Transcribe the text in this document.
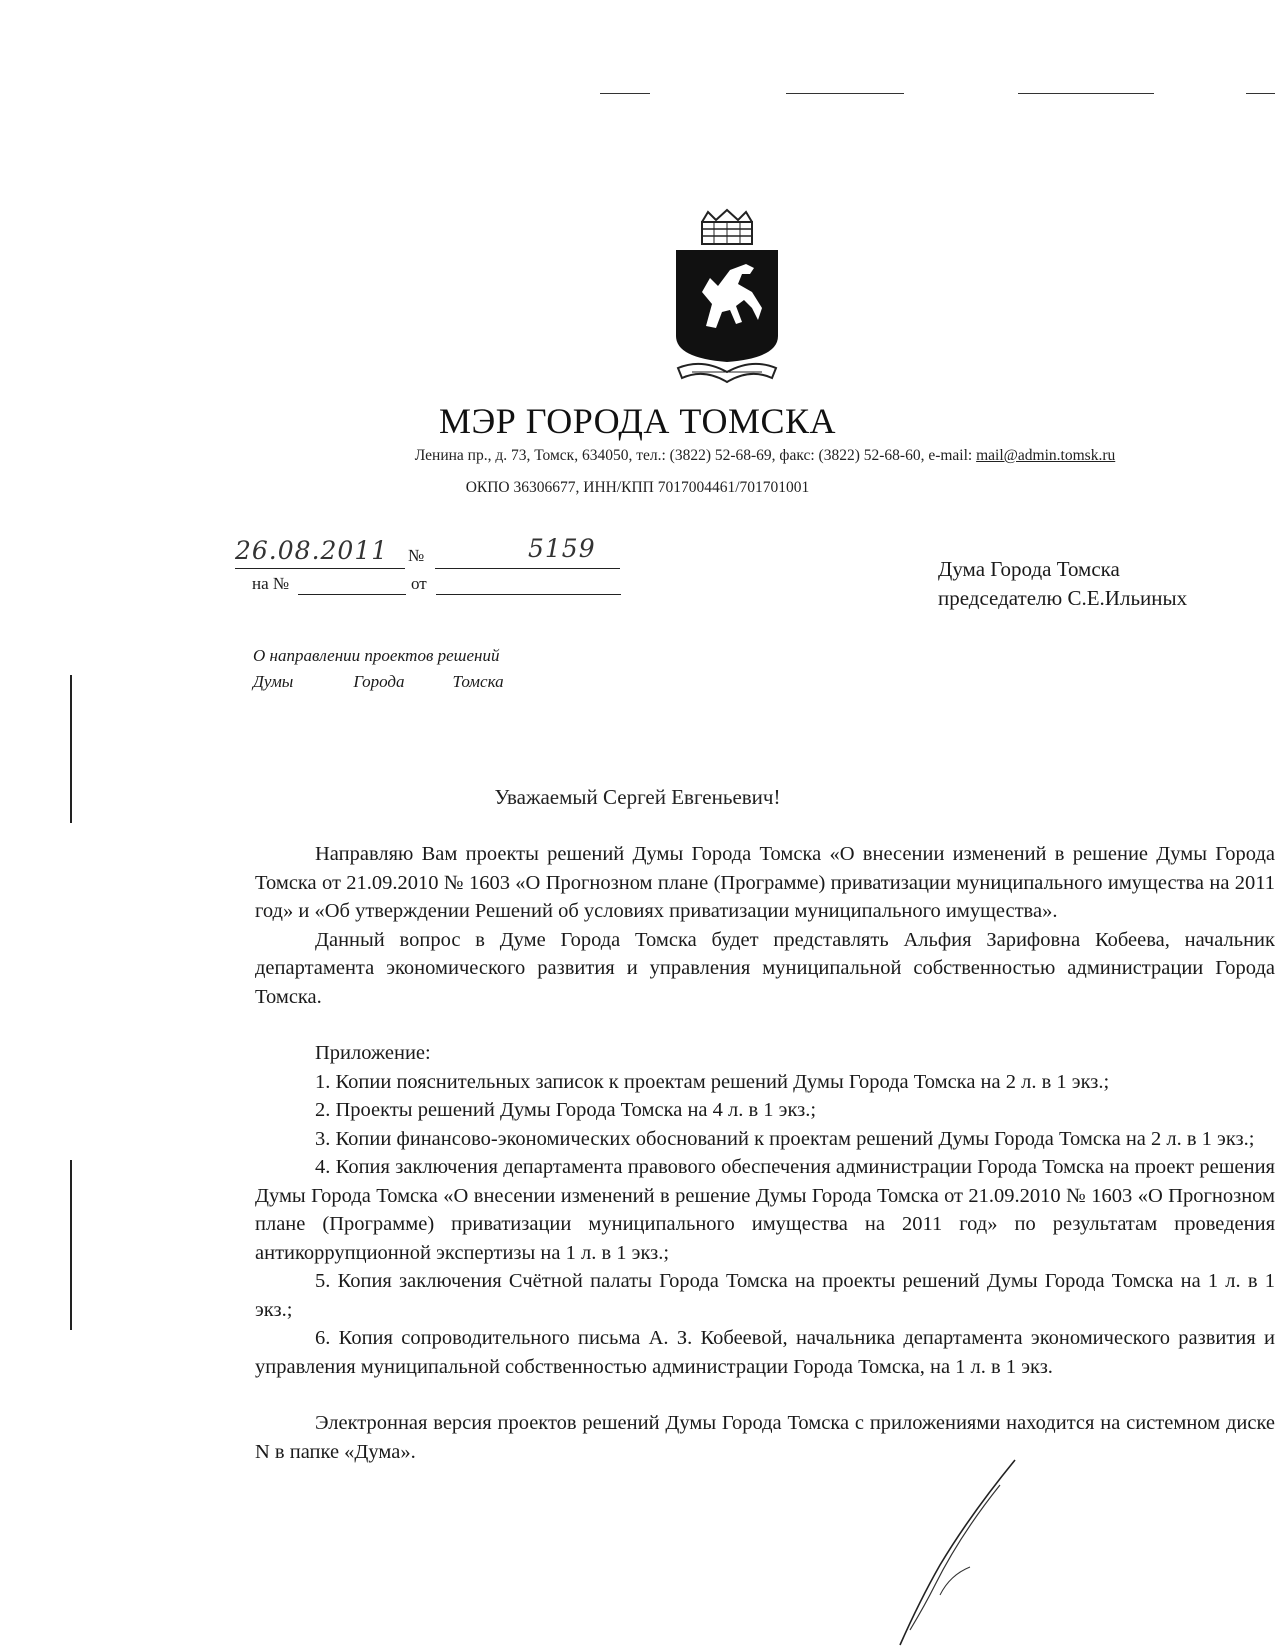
МЭР ГОРОДА ТОМСКА
Ленина пр., д. 73, Томск, 634050, тел.: (3822) 52-68-69, факс: (3822) 52-68-60, e-mail: mail@admin.tomsk.ru
ОКПО 36306677, ИНН/КПП 7017004461/701701001
26.08.2011 №	5159
на №	от
Дума Города Томска
председателю С.Е.Ильиных
О направлении проектов решений
Думы	Города	Томска
Уважаемый Сергей Евгеньевич!

Направляю Вам проекты решений Думы Города Томска «О внесении изменений в решение Думы Города Томска от 21.09.2010 № 1603 «О Прогнозном плане (Программе) приватизации муниципального имущества на 2011 год» и «Об утверждении Решений об условиях приватизации муниципального имущества».

Данный вопрос в Думе Города Томска будет представлять Альфия Зарифовна Кобеева, начальник департамента экономического развития и управления муниципальной собственностью администрации Города Томска.

Приложение:

1. Копии пояснительных записок к проектам решений Думы Города Томска на 2 л. в 1 экз.;

2. Проекты решений Думы Города Томска на 4 л. в 1 экз.;

3. Копии финансово-экономических обоснований к проектам решений Думы Города Томска на 2 л. в 1 экз.;

4. Копия заключения департамента правового обеспечения администрации Города Томска на проект решения Думы Города Томска «О внесении изменений в решение Думы Города Томска от 21.09.2010 № 1603 «О Прогнозном плане (Программе) приватизации муниципального имущества на 2011 год» по результатам проведения антикоррупционной экспертизы на 1 л. в 1 экз.;

5. Копия заключения Счётной палаты Города Томска на проекты решений Думы Города Томска на 1 л. в 1 экз.;

6. Копия сопроводительного письма А. З. Кобеевой, начальника департамента экономического развития и управления муниципальной собственностью администрации Города Томска, на 1 л. в 1 экз.

Электронная версия проектов решений Думы Города Томска с приложениями находится на системном диске N в папке «Дума».
